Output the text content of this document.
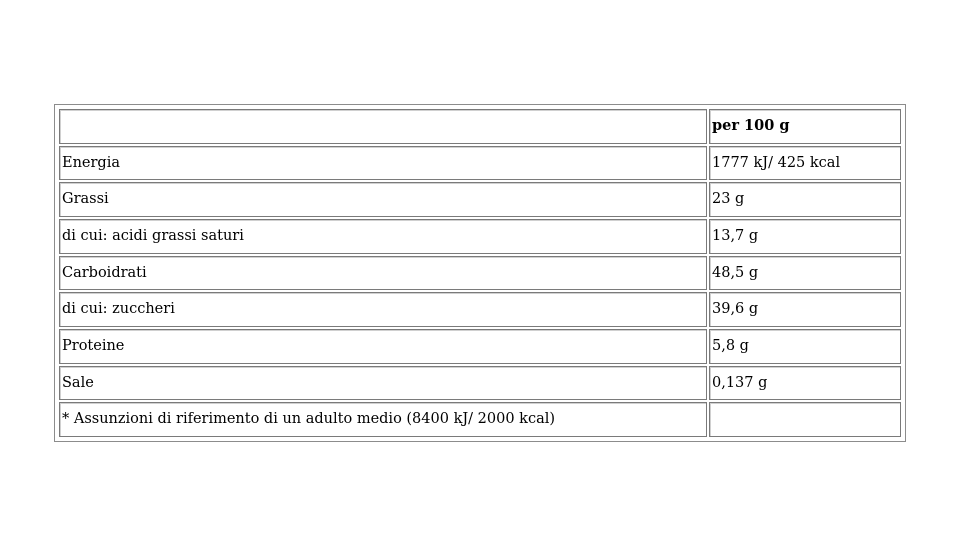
	per 100 g
Energia	1777 kJ/ 425 kcal
Grassi	23 g
di cui: acidi grassi saturi	13,7 g
Carboidrati	48,5 g
di cui: zuccheri	39,6 g
Proteine	5,8 g
Sale	0,137 g
* Assunzioni di riferimento di un adulto medio (8400 kJ/ 2000 kcal)	
